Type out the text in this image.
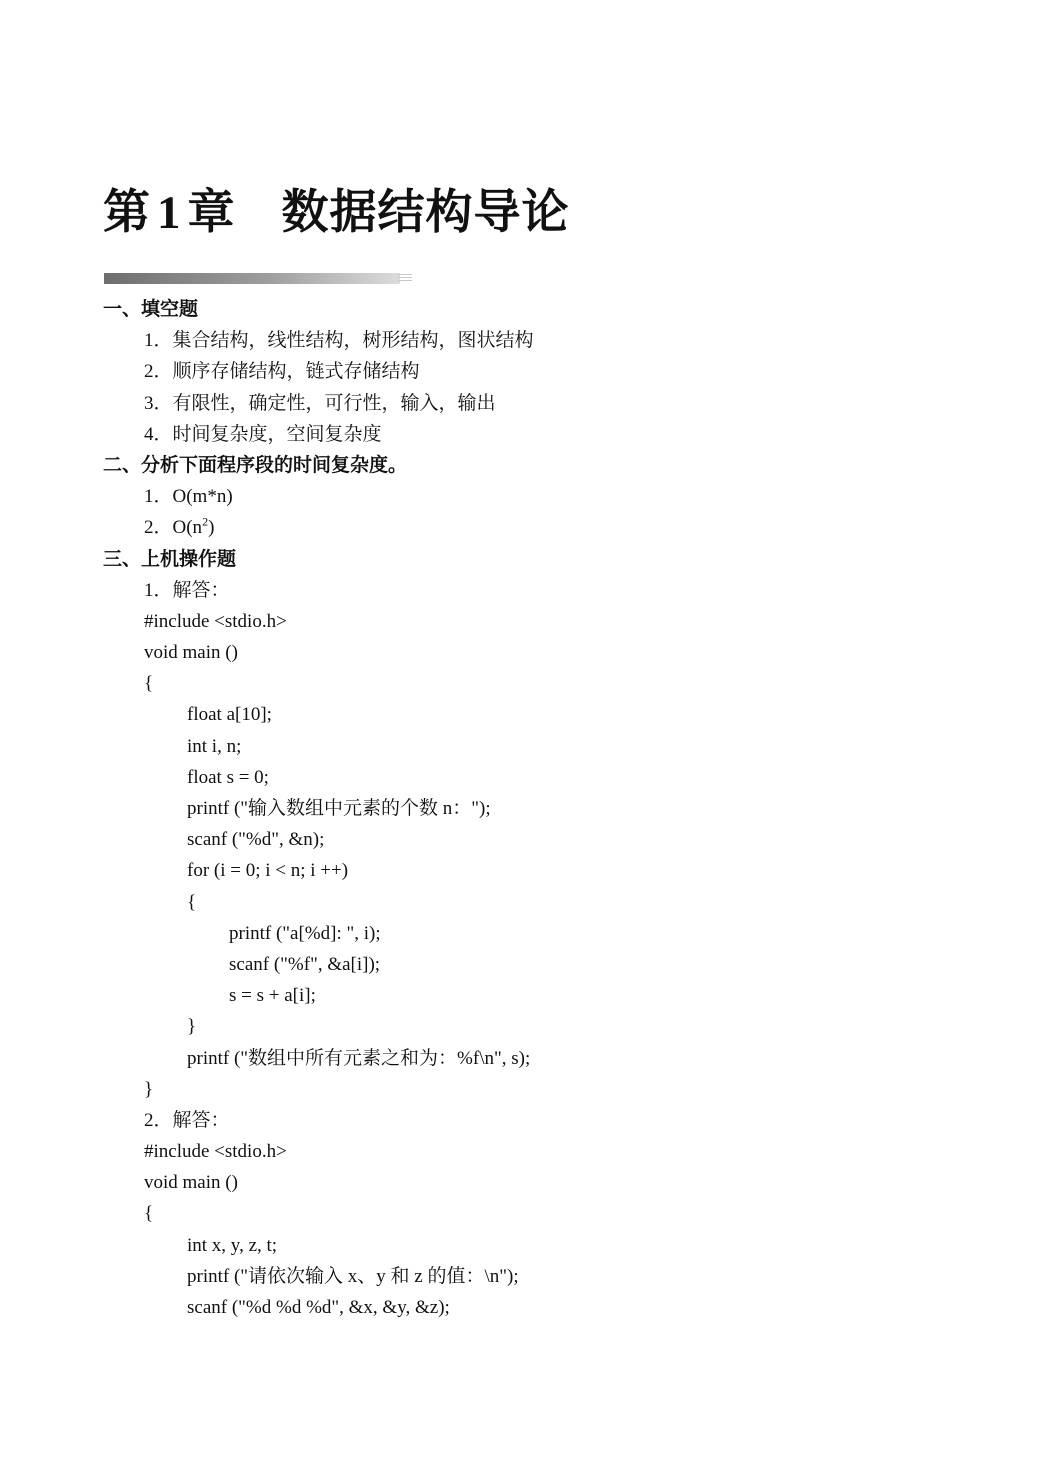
第 1 章 数据结构导论
一、填空题
1．集合结构，线性结构，树形结构，图状结构
2．顺序存储结构，链式存储结构
3．有限性，确定性，可行性，输入，输出
4．时间复杂度，空间复杂度
二、分析下面程序段的时间复杂度。
1．O(m*n)
2．$O(n^2)$
三、上机操作题
1．解答：
#include <stdio.h>
void main ()
{
float a[10];
int i, n;
float s = 0;
printf ("输入数组中元素的个数 n：");
scanf ("%d", &n);
for (i = 0; i < n; i ++)
{
printf ("a[%d]: ", i);
scanf ("%f", &a[i]);
s = s + a[i];
}
printf ("数组中所有元素之和为：%f\n", s);
}
2．解答：
#include <stdio.h>
void main ()
{
int x, y, z, t;
printf ("请依次输入 x、y 和 z 的值：\n");
scanf ("%d %d %d", &x, &y, &z);
